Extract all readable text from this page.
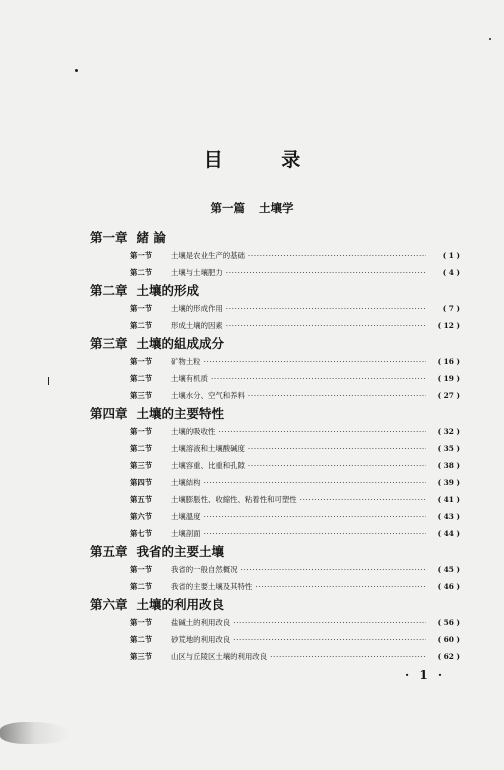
目 录
第一篇 土壤学
第一章 緒 論
第一节	土壤是农业生产的基础 ·····	( 1 )
第二节	土壤与土壤肥力 ·····	( 4 )
第二章 土壤的形成
第一节	土壤的形成作用 ·····	( 7 )
第二节	形成土壤的因素 ·····	( 12 )
第三章 土壤的組成成分
第一节	矿物土粒 ·····	( 16 )
第二节	土壤有机质 ·····	( 19 )
第三节	土壤水分、空气和养料 ·····	( 27 )
第四章 土壤的主要特性
第一节	土壤的吸收性 ·····	( 32 )
第二节	土壤溶液和土壤酸碱度 ·····	( 35 )
第三节	土壤容重、比重和孔隙 ·····	( 38 )
第四节	土壤結构 ·····	( 39 )
第五节	土壤膨脹性、收縮性、粘着性和可塑性 ·····	( 41 )
第六节	土壤溫度 ·····	( 43 )
第七节	土壤剖面 ·····	( 44 )
第五章 我省的主要土壤
第一节	我省的一般自然概况 ·····	( 45 )
第二节	我省的主要土壤及其特性 ·····	( 46 )
第六章 土壤的利用改良
第一节	盐碱土的利用改良 ·····	( 56 )
第二节	砂荒地的利用改良 ·····	( 60 )
第三节	山区与丘陵区土壤的利用改良 ·····	( 62 )
· 1 ·
